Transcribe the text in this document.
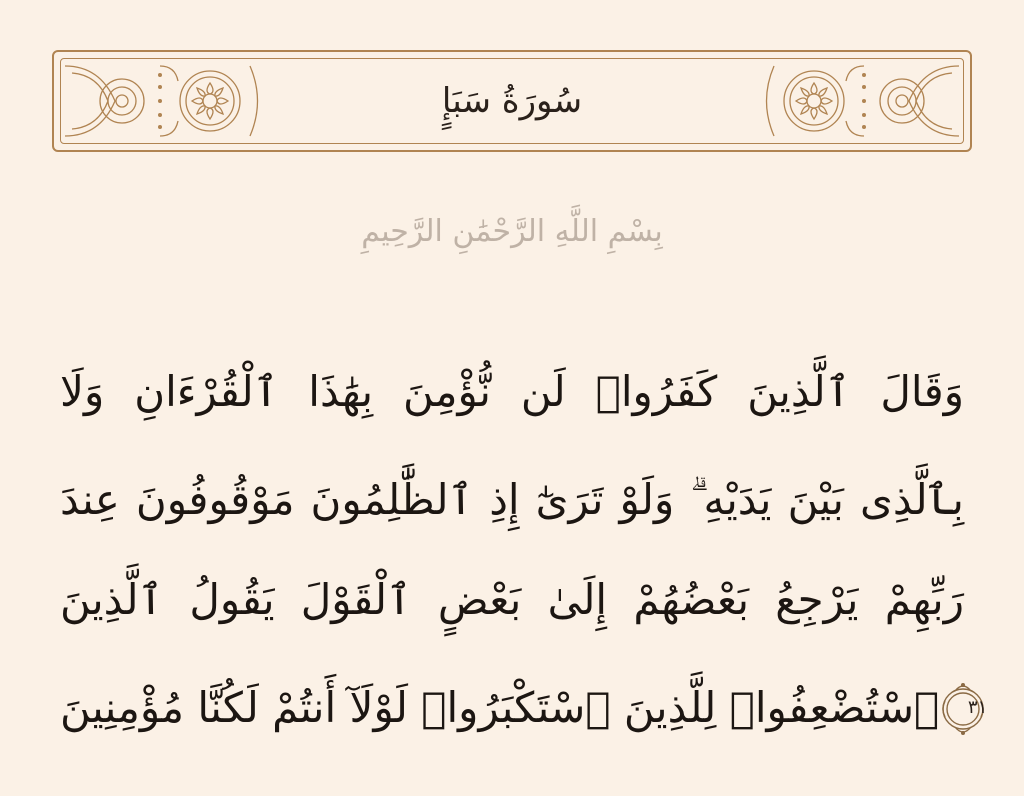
سُورَةُ سَبَإٍ
بِسْمِ اللَّهِ الرَّحْمَٰنِ الرَّحِيمِ
وَقَالَ ٱلَّذِينَ كَفَرُوا۟ لَن نُّؤْمِنَ بِهَٰذَا ٱلْقُرْءَانِ وَلَا
بِٱلَّذِى بَيْنَ يَدَيْهِ ۗ وَلَوْ تَرَىٰٓ إِذِ ٱلظَّٰلِمُونَ مَوْقُوفُونَ عِندَ
رَبِّهِمْ يَرْجِعُ بَعْضُهُمْ إِلَىٰ بَعْضٍ ٱلْقَوْلَ يَقُولُ ٱلَّذِينَ
ٱسْتُضْعِفُوا۟ لِلَّذِينَ ٱسْتَكْبَرُوا۟ لَوْلَآ أَنتُمْ لَكُنَّا مُؤْمِنِينَ	٣١
